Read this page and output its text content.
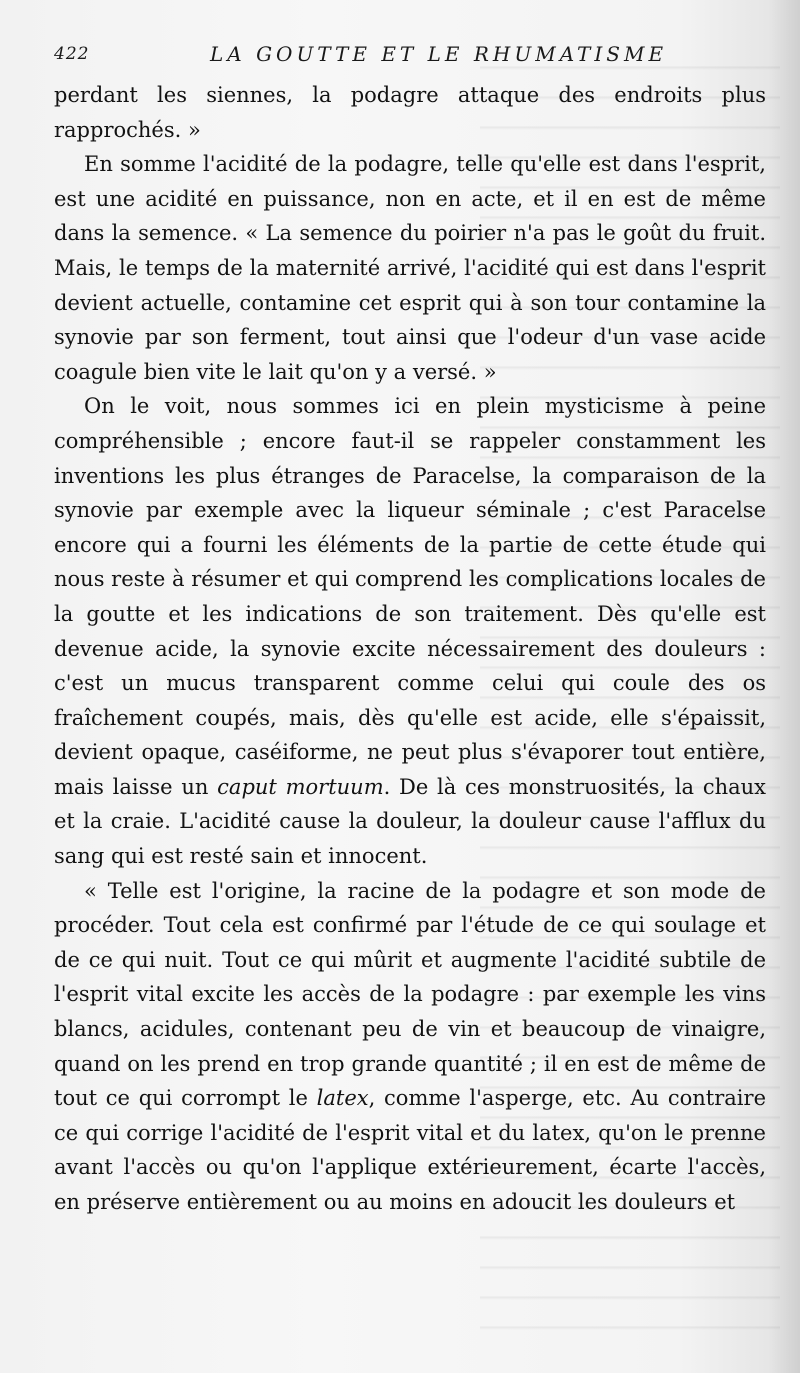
422	LA GOUTTE ET LE RHUMATISME

perdant les siennes, la podagre attaque des endroits plus rapprochés. »

En somme l'acidité de la podagre, telle qu'elle est dans l'esprit, est une acidité en puissance, non en acte, et il en est de même dans la semence. « La semence du poirier n'a pas le goût du fruit. Mais, le temps de la maternité arrivé, l'acidité qui est dans l'esprit devient actuelle, contamine cet esprit qui à son tour contamine la synovie par son ferment, tout ainsi que l'odeur d'un vase acide coagule bien vite le lait qu'on y a versé. »

On le voit, nous sommes ici en plein mysticisme à peine compréhensible ; encore faut-il se rappeler constamment les inventions les plus étranges de Paracelse, la comparaison de la synovie par exemple avec la liqueur séminale ; c'est Paracelse encore qui a fourni les éléments de la partie de cette étude qui nous reste à résumer et qui comprend les complications locales de la goutte et les indications de son traitement. Dès qu'elle est devenue acide, la synovie excite nécessairement des douleurs : c'est un mucus transparent comme celui qui coule des os fraîchement coupés, mais, dès qu'elle est acide, elle s'épaissit, devient opaque, caséiforme, ne peut plus s'évaporer tout entière, mais laisse un caput mortuum. De là ces monstruosités, la chaux et la craie. L'acidité cause la douleur, la douleur cause l'afflux du sang qui est resté sain et innocent.

« Telle est l'origine, la racine de la podagre et son mode de procéder. Tout cela est confirmé par l'étude de ce qui soulage et de ce qui nuit. Tout ce qui mûrit et augmente l'acidité subtile de l'esprit vital excite les accès de la podagre : par exemple les vins blancs, acidules, contenant peu de vin et beaucoup de vinaigre, quand on les prend en trop grande quantité ; il en est de même de tout ce qui corrompt le latex, comme l'asperge, etc. Au contraire ce qui corrige l'acidité de l'esprit vital et du latex, qu'on le prenne avant l'accès ou qu'on l'applique extérieurement, écarte l'accès, en préserve entièrement ou au moins en adoucit les douleurs et
